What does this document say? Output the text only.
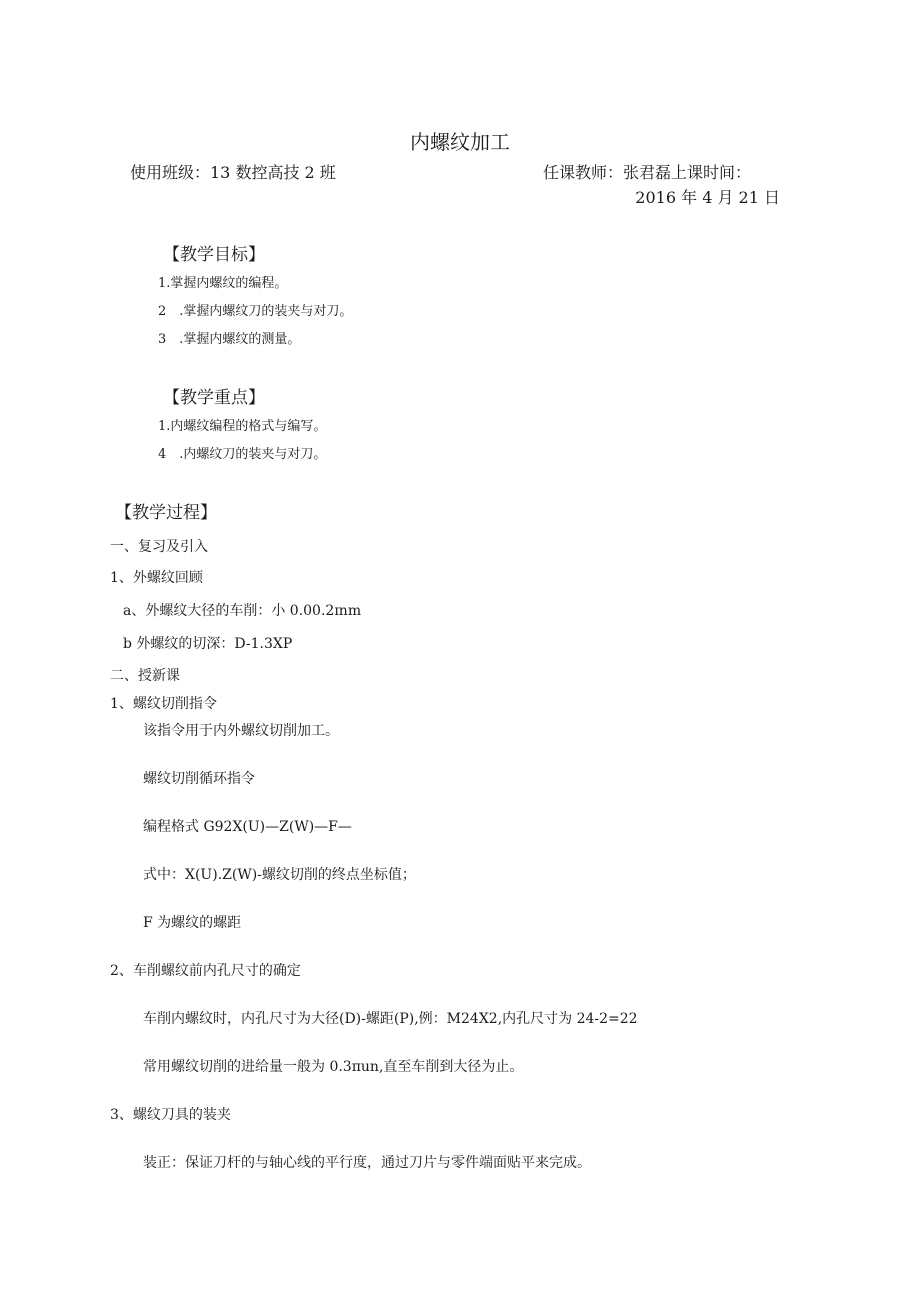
内螺纹加工
使用班级：13 数控高技 2 班	任课教师：张君磊上课时间：
2016 年 4 月 21 日
【教学目标】
1.掌握内螺纹的编程。
2　.掌握内螺纹刀的装夹与对刀。
3　.掌握内螺纹的测量。
【教学重点】
1.内螺纹编程的格式与编写。
4　.内螺纹刀的装夹与对刀。
【教学过程】
一、复习及引入
1、外螺纹回顾
a、外螺纹大径的车削：小 0.00.2ɪnm
b 外螺纹的切深：D-1.3XP
二、授新课
1、螺纹切削指令
该指令用于内外螺纹切削加工。
螺纹切削循环指令
编程格式 G92X(U)—Z(W)—F—
式中：X(U).Z(W)-螺纹切削的终点坐标值；
F 为螺纹的螺距
2、车削螺纹前内孔尺寸的确定
车削内螺纹时，内孔尺寸为大径(D)-螺距(P),例：M24X2,内孔尺寸为 24-2=22
常用螺纹切削的进给量一般为 0.3πun,直至车削到大径为止。
3、螺纹刀具的装夹
装正：保证刀杆的与轴心线的平行度，通过刀片与零件端面贴平来完成。
